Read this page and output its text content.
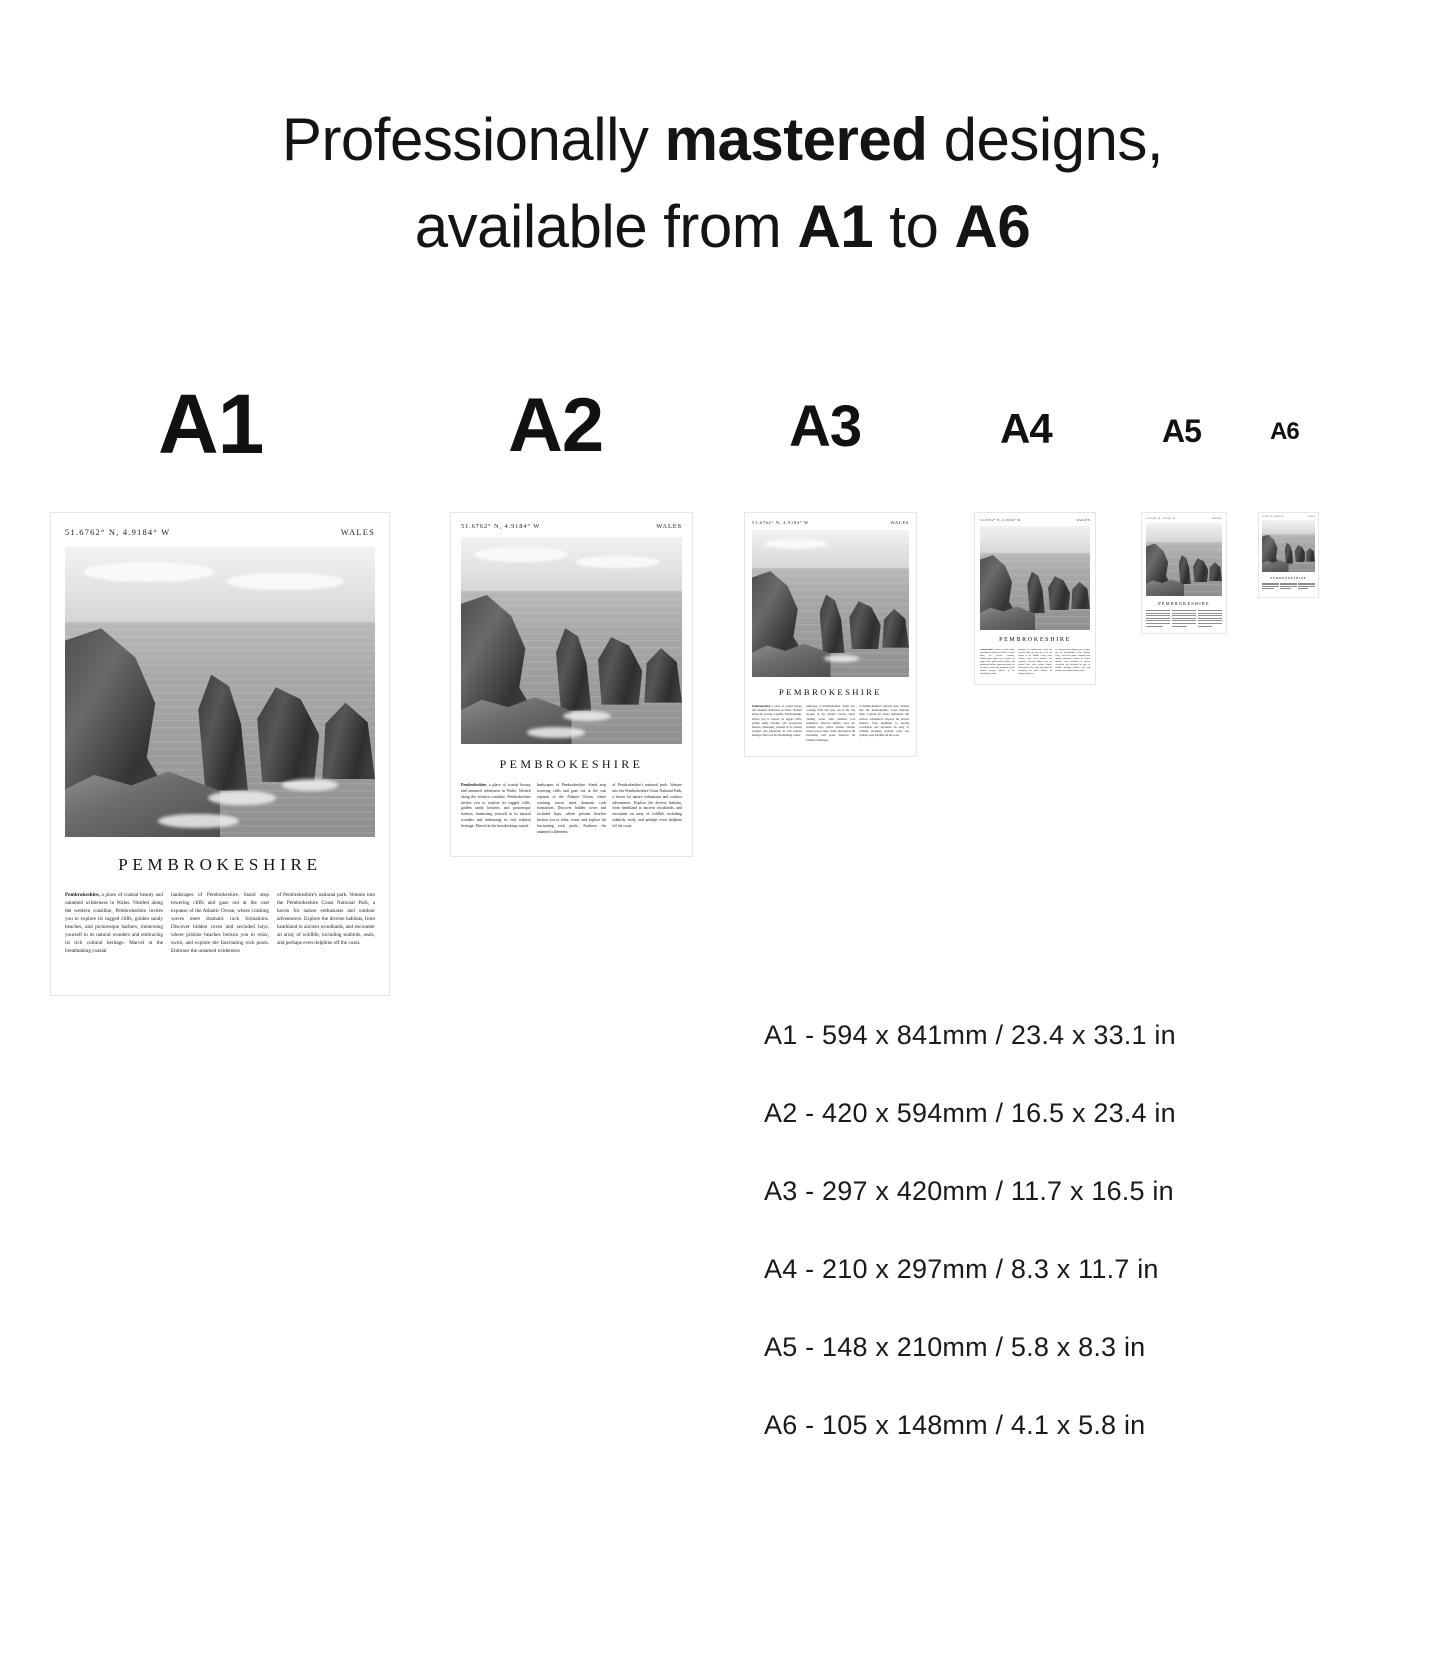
Professionally mastered designs,
available from A1 to A6
A1	A2	A3	A4	A5	A6
51.6762° N, 4.9184° W	WALES
PEMBROKESHIRE

Pembrokeshire, a place of coastal beauty and untamed wilderness in Wales. Nestled along the western coastline, Pembrokeshire invites you to explore its rugged cliffs, golden sandy beaches, and picturesque harbors, immersing yourself in its natural wonders and embracing its rich cultural heritage. Marvel at the breathtaking coastal

landscapes of Pembrokeshire. Stand atop towering cliffs and gaze out at the vast expanse of the Atlantic Ocean, where crashing waves meet dramatic rock formations. Discover hidden coves and secluded bays, where pristine beaches beckon you to relax, swim, and explore the fascinating rock pools. Embrace the untamed wilderness

of Pembrokeshire's national park. Venture into the Pembrokeshire Coast National Park, a haven for nature enthusiasts and outdoor adventurers. Explore the diverse habitats, from heathland to ancient woodlands, and encounter an array of wildlife, including seabirds, seals, and perhaps even dolphins off the coast.

51.6762° N, 4.9184° W	WALES
PEMBROKESHIRE

Pembrokeshire, a place of coastal beauty and untamed wilderness in Wales. Nestled along the western coastline, Pembrokeshire invites you to explore its rugged cliffs, golden sandy beaches, and picturesque harbors, immersing yourself in its natural wonders and embracing its rich cultural heritage. Marvel at the breathtaking coastal

landscapes of Pembrokeshire. Stand atop towering cliffs and gaze out at the vast expanse of the Atlantic Ocean, where crashing waves meet dramatic rock formations. Discover hidden coves and secluded bays, where pristine beaches beckon you to relax, swim, and explore the fascinating rock pools. Embrace the untamed wilderness

of Pembrokeshire's national park. Venture into the Pembrokeshire Coast National Park, a haven for nature enthusiasts and outdoor adventurers. Explore the diverse habitats, from heathland to ancient woodlands, and encounter an array of wildlife, including seabirds, seals, and perhaps even dolphins off the coast.

51.6762° N, 4.9184° W	WALES
PEMBROKESHIRE

Pembrokeshire, a place of coastal beauty and untamed wilderness in Wales. Nestled along the western coastline, Pembrokeshire invites you to explore its rugged cliffs, golden sandy beaches, and picturesque harbors, immersing yourself in its natural wonders and embracing its rich cultural heritage. Marvel at the breathtaking coastal

landscapes of Pembrokeshire. Stand atop towering cliffs and gaze out at the vast expanse of the Atlantic Ocean, where crashing waves meet dramatic rock formations. Discover hidden coves and secluded bays, where pristine beaches beckon you to relax, swim, and explore the fascinating rock pools. Embrace the untamed wilderness

of Pembrokeshire's national park. Venture into the Pembrokeshire Coast National Park, a haven for nature enthusiasts and outdoor adventurers. Explore the diverse habitats, from heathland to ancient woodlands, and encounter an array of wildlife, including seabirds, seals, and perhaps even dolphins off the coast.

51.6762° N, 4.9184° W	WALES
PEMBROKESHIRE

Pembrokeshire, a place of coastal beauty and untamed wilderness in Wales. Nestled along the western coastline, Pembrokeshire invites you to explore its rugged cliffs, golden sandy beaches, and picturesque harbors, immersing yourself in its natural wonders and embracing its rich cultural heritage. Marvel at the breathtaking coastal

landscapes of Pembrokeshire. Stand atop towering cliffs and gaze out at the vast expanse of the Atlantic Ocean, where crashing waves meet dramatic rock formations. Discover hidden coves and secluded bays, where pristine beaches beckon you to relax, swim, and explore the fascinating rock pools. Embrace the untamed wilderness

of Pembrokeshire's national park. Venture into the Pembrokeshire Coast National Park, a haven for nature enthusiasts and outdoor adventurers. Explore the diverse habitats, from heathland to ancient woodlands, and encounter an array of wildlife, including seabirds, seals, and perhaps even dolphins off the coast.

51.6762° N, 4.9184° W	WALES
PEMBROKESHIRE
51.6762° N, 4.9184° W	WALES
PEMBROKESHIRE
A1 - 594 x 841mm / 23.4 x 33.1 in
A2 - 420 x 594mm / 16.5 x 23.4 in
A3 - 297 x 420mm / 11.7 x 16.5 in
A4 - 210 x 297mm / 8.3 x 11.7 in
A5 - 148 x 210mm / 5.8 x 8.3 in
A6 - 105 x 148mm / 4.1 x 5.8 in
